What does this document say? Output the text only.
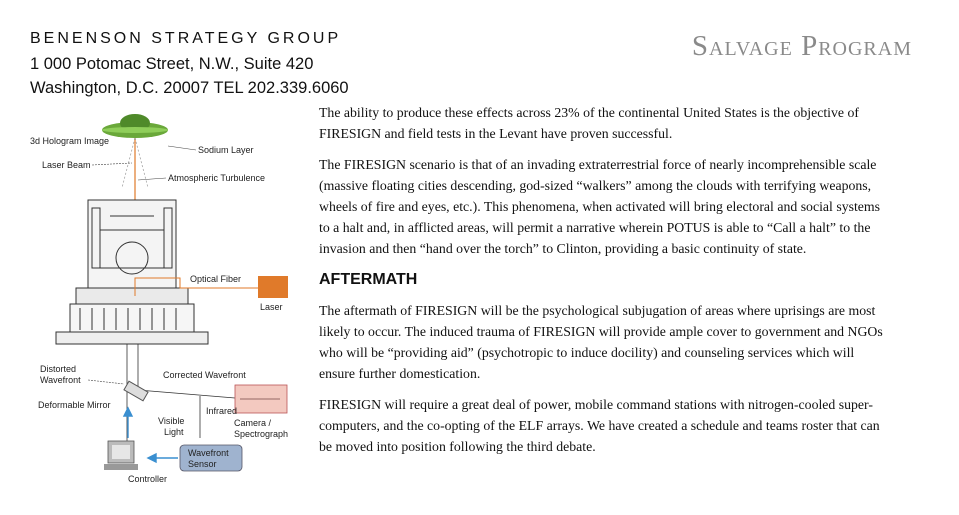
BENENSON STRATEGY GROUP
1 000 Potomac Street, N.W., Suite 420
Washington, D.C. 20007 TEL 202.339.6060
Salvage Program

The ability to produce these effects across 23% of the continental United States is the objective of FIRESIGN and field tests in the Levant have proven successful.

The FIRESIGN scenario is that of an invading extraterrestrial force of nearly incomprehensible scale (massive floating cities descending, god-sized “walkers” among the clouds with terrifying weapons, wheels of fire and eyes, etc.). This phenomena, when activated will bring electoral and social systems to a halt and, in afflicted areas, will permit a narrative wherein POTUS is able to “Call a halt” to the invasion and then “hand over the torch” to Clinton, providing a basic continuity of state.

AFTERMATH

The aftermath of FIRESIGN will be the psychological subjugation of areas where uprisings are most likely to occur. The induced trauma of FIRESIGN will provide ample cover to government and NGOs who will be “providing aid” (psychotropic to induce docility) and counseling services which will ensure further domestication.

FIRESIGN will require a great deal of power, mobile command stations with nitrogen-cooled super-computers, and the co-opting of the ELF arrays. We have created a schedule and teams roster that can be moved into position following the third debate.

3d Hologram Image
Sodium Layer
Laser Beam
Atmospheric Turbulence
Optical Fiber
Laser
Distorted
Wavefront	Corrected Wavefront
Deformable Mirror
Infrared
Visible
Light
Camera /
Spectrograph
Wavefront
Sensor
Controller
